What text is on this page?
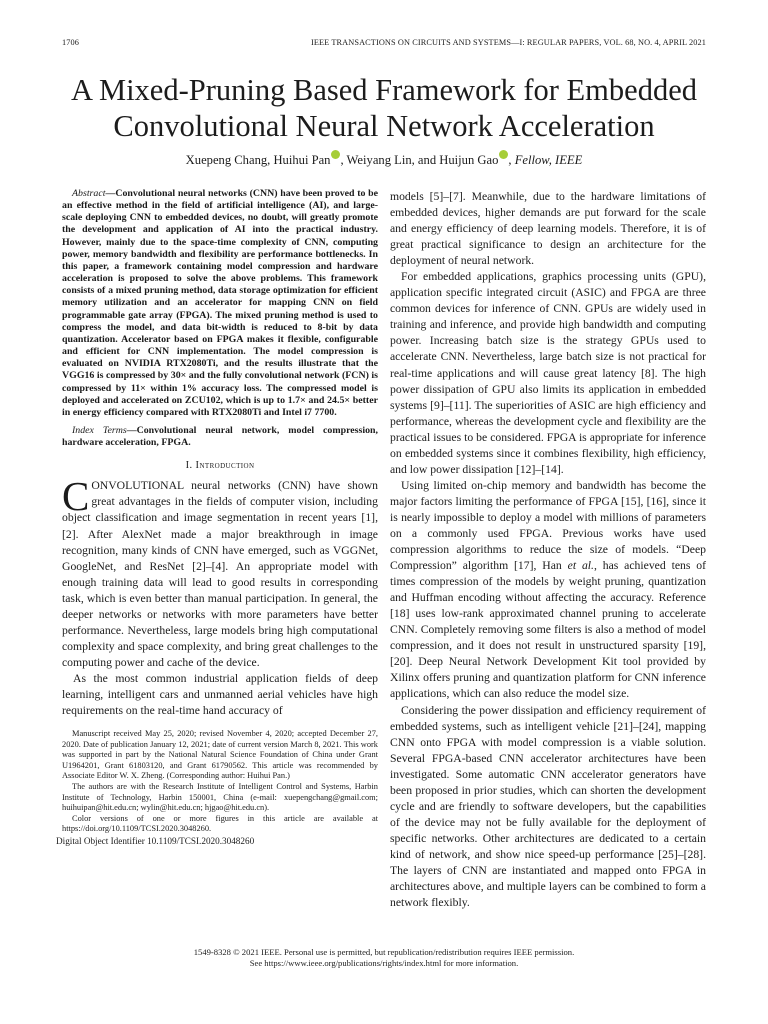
1706	IEEE TRANSACTIONS ON CIRCUITS AND SYSTEMS—I: REGULAR PAPERS, VOL. 68, NO. 4, APRIL 2021
A Mixed-Pruning Based Framework for Embedded
Convolutional Neural Network Acceleration
Xuepeng Chang, Huihui Pan , Weiyang Lin, and Huijun Gao , Fellow, IEEE

Abstract—Convolutional neural networks (CNN) have been proved to be an effective method in the field of artificial intelligence (AI), and large-scale deploying CNN to embedded devices, no doubt, will greatly promote the development and application of AI into the practical industry. However, mainly due to the space-time complexity of CNN, computing power, memory bandwidth and flexibility are performance bottlenecks. In this paper, a framework containing model compression and hardware acceleration is proposed to solve the above problems. This framework consists of a mixed pruning method, data storage optimization for efficient memory utilization and an accelerator for mapping CNN on field programmable gate array (FPGA). The mixed pruning method is used to compress the model, and data bit-width is reduced to 8-bit by data quantization. Accelerator based on FPGA makes it flexible, configurable and efficient for CNN implementation. The model compression is evaluated on NVIDIA RTX2080Ti, and the results illustrate that the VGG16 is compressed by 30× and the fully convolutional network (FCN) is compressed by 11× within 1% accuracy loss. The compressed model is deployed and accelerated on ZCU102, which is up to 1.7× and 24.5× better in energy efficiency compared with RTX2080Ti and Intel i7 7700.

Index Terms—Convolutional neural network, model compression, hardware acceleration, FPGA.

I. Introduction

CONVOLUTIONAL neural networks (CNN) have shown great advantages in the fields of computer vision, including object classification and image segmentation in recent years [1], [2]. After AlexNet made a major breakthrough in image recognition, many kinds of CNN have emerged, such as VGGNet, GoogleNet, and ResNet [2]–[4]. An appropriate model with enough training data will lead to good results in corresponding task, which is even better than manual participation. In general, the deeper networks or networks with more parameters have better performance. Nevertheless, large models bring high computational complexity and space complexity, and bring great challenges to the computing power and cache of the device.

As the most common industrial application fields of deep learning, intelligent cars and unmanned aerial vehicles have high requirements on the real-time hand accuracy of

Manuscript received May 25, 2020; revised November 4, 2020; accepted December 27, 2020. Date of publication January 12, 2021; date of current version March 8, 2021. This work was supported in part by the National Natural Science Foundation of China under Grant U1964201, Grant 61803120, and Grant 61790562. This article was recommended by Associate Editor W. X. Zheng. (Corresponding author: Huihui Pan.)

The authors are with the Research Institute of Intelligent Control and Systems, Harbin Institute of Technology, Harbin 150001, China (e-mail: xuepengchang@gmail.com; huihuipan@hit.edu.cn; wylin@hit.edu.cn; hjgao@hit.edu.cn).

Color versions of one or more figures in this article are available at https://doi.org/10.1109/TCSI.2020.3048260.

Digital Object Identifier 10.1109/TCSI.2020.3048260

models [5]–[7]. Meanwhile, due to the hardware limitations of embedded devices, higher demands are put forward for the scale and energy efficiency of deep learning models. Therefore, it is of great practical significance to design an architecture for the deployment of neural network.

For embedded applications, graphics processing units (GPU), application specific integrated circuit (ASIC) and FPGA are three common devices for inference of CNN. GPUs are widely used in training and inference, and provide high bandwidth and computing power. Increasing batch size is the strategy GPUs used to accelerate CNN. Nevertheless, large batch size is not practical for real-time applications and will cause great latency [8]. The high power dissipation of GPU also limits its application in embedded systems [9]–[11]. The superiorities of ASIC are high efficiency and performance, whereas the development cycle and flexibility are the practical issues to be considered. FPGA is appropriate for inference on embedded systems since it combines flexibility, high efficiency, and low power dissipation [12]–[14].

Using limited on-chip memory and bandwidth has become the major factors limiting the performance of FPGA [15], [16], since it is nearly impossible to deploy a model with millions of parameters on a commonly used FPGA. Previous works have used compression algorithms to reduce the size of models. “Deep Compression” algorithm [17], Han et al., has achieved tens of times compression of the models by weight pruning, quantization and Huffman encoding without affecting the accuracy. Reference [18] uses low-rank approximated channel pruning to accelerate CNN. Completely removing some filters is also a method of model compression, and it does not result in unstructured sparsity [19], [20]. Deep Neural Network Development Kit tool provided by Xilinx offers pruning and quantization platform for CNN inference applications, which can also reduce the model size.

Considering the power dissipation and efficiency requirement of embedded systems, such as intelligent vehicle [21]–[24], mapping CNN onto FPGA with model compression is a viable solution. Several FPGA-based CNN accelerator architectures have been investigated. Some automatic CNN accelerator generators have been proposed in prior studies, which can shorten the development cycle and are friendly to software developers, but the capabilities of the device may not be fully available for the deployment of specific networks. Other architectures are dedicated to a certain kind of network, and show nice speed-up performance [25]–[28]. The layers of CNN are instantiated and mapped onto FPGA in architectures above, and multiple layers can be combined to form a network flexibly.

1549-8328 © 2021 IEEE. Personal use is permitted, but republication/redistribution requires IEEE permission.
See https://www.ieee.org/publications/rights/index.html for more information.
